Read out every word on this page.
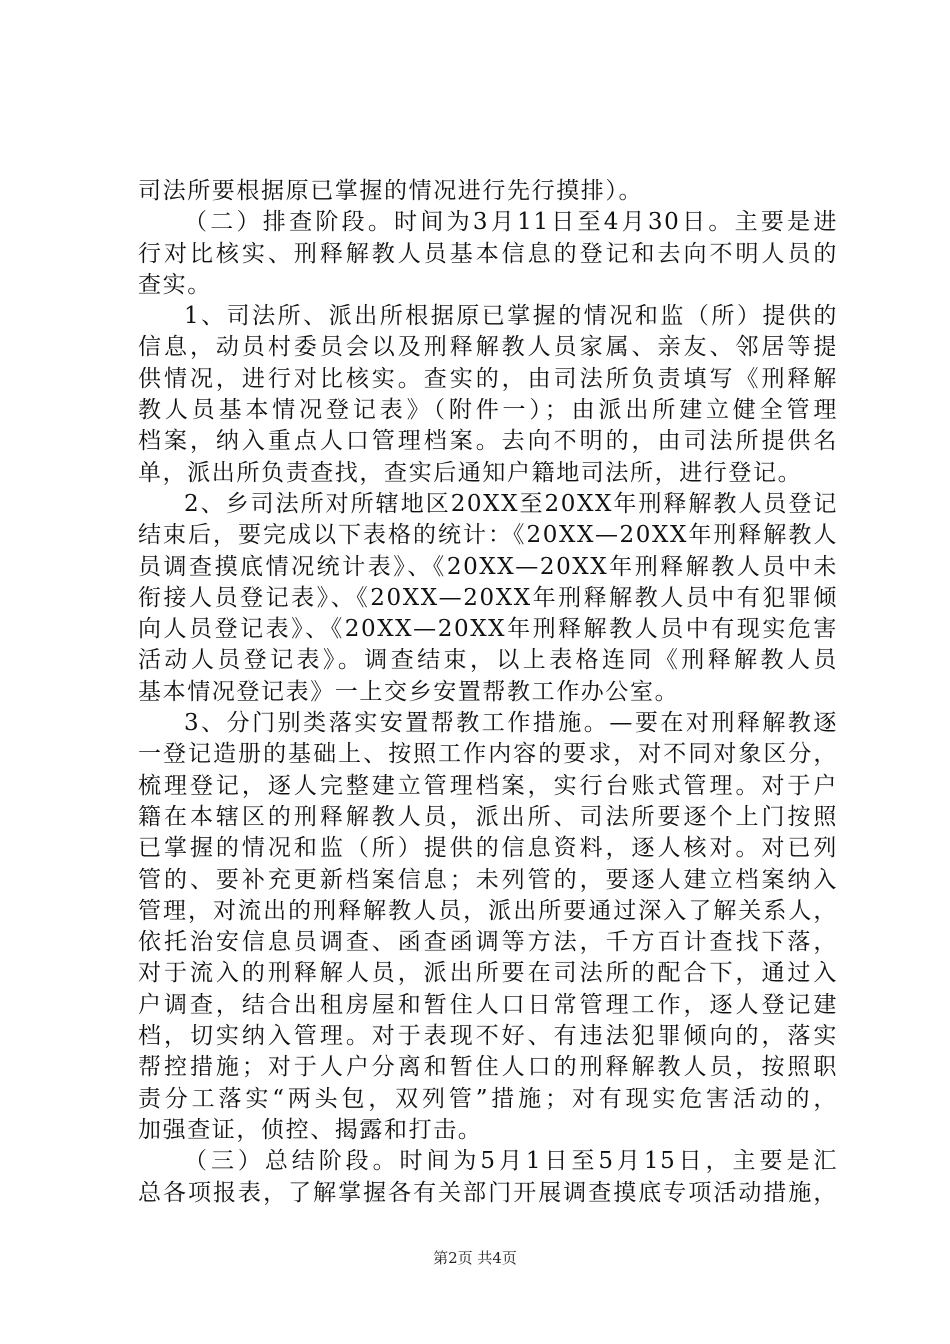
司法所要根据原已掌握的情况进行先行摸排）。
（二）排查阶段。时间为3月11日至4月30日。主要是进
行对比核实、刑释解教人员基本信息的登记和去向不明人员的
查实。
1、司法所、派出所根据原已掌握的情况和监（所）提供的
信息，动员村委员会以及刑释解教人员家属、亲友、邻居等提
供情况，进行对比核实。查实的，由司法所负责填写《刑释解
教人员基本情况登记表》（附件一）；由派出所建立健全管理
档案，纳入重点人口管理档案。去向不明的，由司法所提供名
单，派出所负责查找，查实后通知户籍地司法所，进行登记。
2、乡司法所对所辖地区20XX至20XX年刑释解教人员登记
结束后，要完成以下表格的统计：《20XX—20XX年刑释解教人
员调查摸底情况统计表》、《20XX—20XX年刑释解教人员中未
衔接人员登记表》、《20XX—20XX年刑释解教人员中有犯罪倾
向人员登记表》、《20XX—20XX年刑释解教人员中有现实危害
活动人员登记表》。调查结束，以上表格连同《刑释解教人员
基本情况登记表》一上交乡安置帮教工作办公室。
3、分门别类落实安置帮教工作措施。—要在对刑释解教逐
一登记造册的基础上、按照工作内容的要求，对不同对象区分，
梳理登记，逐人完整建立管理档案，实行台账式管理。对于户
籍在本辖区的刑释解教人员，派出所、司法所要逐个上门按照
已掌握的情况和监（所）提供的信息资料，逐人核对。对已列
管的、要补充更新档案信息；未列管的，要逐人建立档案纳入
管理，对流出的刑释解教人员，派出所要通过深入了解关系人，
依托治安信息员调查、函查函调等方法，千方百计查找下落，
对于流入的刑释解人员，派出所要在司法所的配合下，通过入
户调查，结合出租房屋和暂住人口日常管理工作，逐人登记建
档，切实纳入管理。对于表现不好、有违法犯罪倾向的，落实
帮控措施；对于人户分离和暂住人口的刑释解教人员，按照职
责分工落实“两头包，双列管”措施；对有现实危害活动的，
加强查证，侦控、揭露和打击。
（三）总结阶段。时间为5月1日至5月15日，主要是汇
总各项报表，了解掌握各有关部门开展调查摸底专项活动措施，
第2页 共4页
